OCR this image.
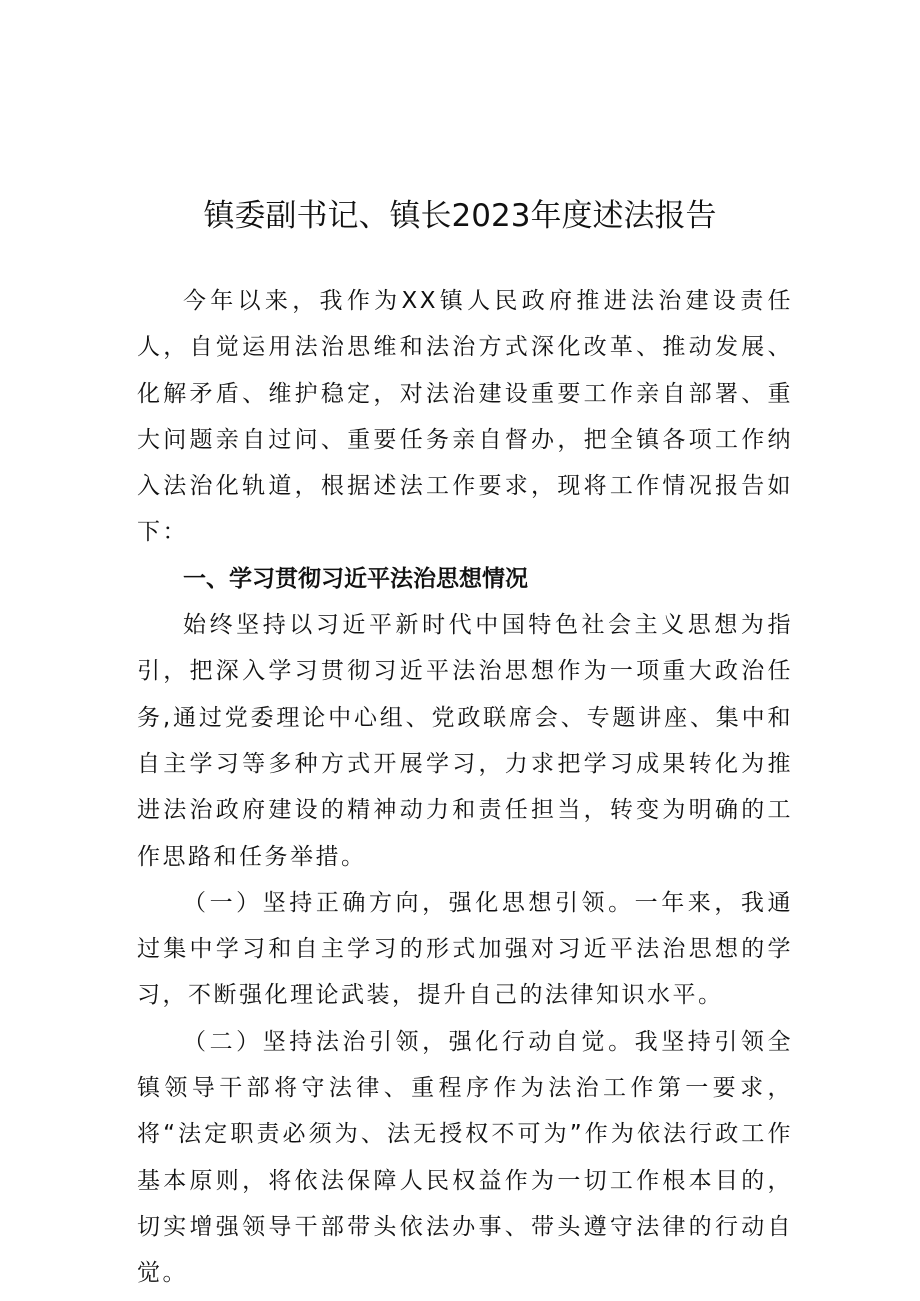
镇委副书记、镇长2023年度述法报告

今年以来，我作为XX镇人民政府推进法治建设责任人，自觉运用法治思维和法治方式深化改革、推动发展、化解矛盾、维护稳定，对法治建设重要工作亲自部署、重大问题亲自过问、重要任务亲自督办，把全镇各项工作纳入法治化轨道，根据述法工作要求，现将工作情况报告如下：

一、学习贯彻习近平法治思想情况

始终坚持以习近平新时代中国特色社会主义思想为指引，把深入学习贯彻习近平法治思想作为一项重大政治任务,通过党委理论中心组、党政联席会、专题讲座、集中和自主学习等多种方式开展学习，力求把学习成果转化为推进法治政府建设的精神动力和责任担当，转变为明确的工作思路和任务举措。

（一）坚持正确方向，强化思想引领。一年来，我通过集中学习和自主学习的形式加强对习近平法治思想的学习，不断强化理论武装，提升自己的法律知识水平。

（二）坚持法治引领，强化行动自觉。我坚持引领全镇领导干部将守法律、重程序作为法治工作第一要求，将“法定职责必须为、法无授权不可为”作为依法行政工作基本原则，将依法保障人民权益作为一切工作根本目的，切实增强领导干部带头依法办事、带头遵守法律的行动自觉。
